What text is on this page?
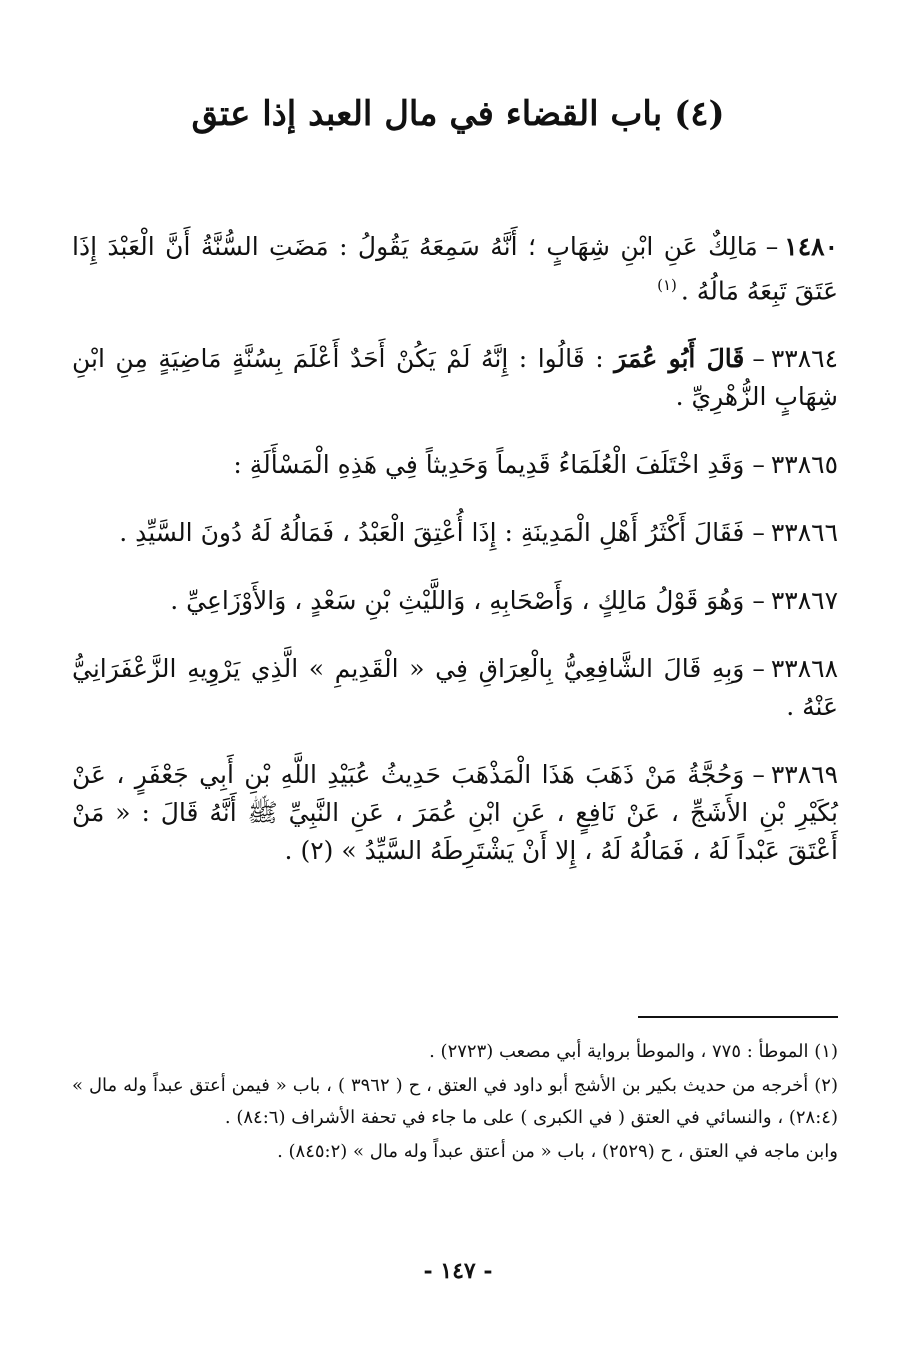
(٤) باب القضاء في مال العبد إذا عتق

١٤٨٠–مَالِكٌ عَنِ ابْنِ شِهَابٍ ؛ أَنَّهُ سَمِعَهُ يَقُولُ : مَضَتِ السُّنَّةُ أَنَّ الْعَبْدَ إِذَا عَتَقَ تَبِعَهُ مَالُهُ .$^{(١)}$

٣٣٨٦٤–قَالَ أَبُو عُمَرَ : قَالُوا : إِنَّهُ لَمْ يَكُنْ أَحَدٌ أَعْلَمَ بِسُنَّةٍ مَاضِيَةٍ مِنِ ابْنِ شِهَابٍ الزُّهْرِيِّ .

٣٣٨٦٥–وَقَدِ اخْتَلَفَ الْعُلَمَاءُ قَدِيماً وَحَدِيثاً فِي هَذِهِ الْمَسْأَلَةِ :

٣٣٨٦٦–فَقَالَ أَكْثَرُ أَهْلِ الْمَدِينَةِ : إِذَا أُعْتِقَ الْعَبْدُ ، فَمَالُهُ لَهُ دُونَ السَّيِّدِ .

٣٣٨٦٧–وَهُوَ قَوْلُ مَالِكٍ ، وَأَصْحَابِهِ ، وَاللَّيْثِ بْنِ سَعْدٍ ، وَالأَوْزَاعِيِّ .

٣٣٨٦٨–وَبِهِ قَالَ الشَّافِعِيُّ بِالْعِرَاقِ فِي « الْقَدِيمِ » الَّذِي يَرْوِيهِ الزَّعْفَرَانِيُّ عَنْهُ .

٣٣٨٦٩–وَحُجَّةُ مَنْ ذَهَبَ هَذَا الْمَذْهَبَ حَدِيثُ عُبَيْدِ اللَّهِ بْنِ أَبِي جَعْفَرٍ ، عَنْ بُكَيْرِ بْنِ الأَشَجِّ ، عَنْ نَافِعٍ ، عَنِ ابْنِ عُمَرَ ، عَنِ النَّبِيِّ ﷺ أَنَّهُ قَالَ : « مَنْ أَعْتَقَ عَبْداً لَهُ ، فَمَالُهُ لَهُ ، إِلا أَنْ يَشْتَرِطَهُ السَّيِّدُ » (٢) .

(١) الموطأ : ٧٧٥ ، والموطأ برواية أبي مصعب (٢٧٢٣) .

(٢) أخرجه من حديث بكير بن الأشج أبو داود في العتق ، ح ( ٣٩٦٢ ) ، باب « فيمن أعتق عبداً وله مال » (٢٨:٤) ، والنسائي في العتق ( في الكبرى ) على ما جاء في تحفة الأشراف (٨٤:٦) .

وابن ماجه في العتق ، ح (٢٥٢٩) ، باب « من أعتق عبداً وله مال » (٨٤٥:٢) .

- ١٤٧ -
